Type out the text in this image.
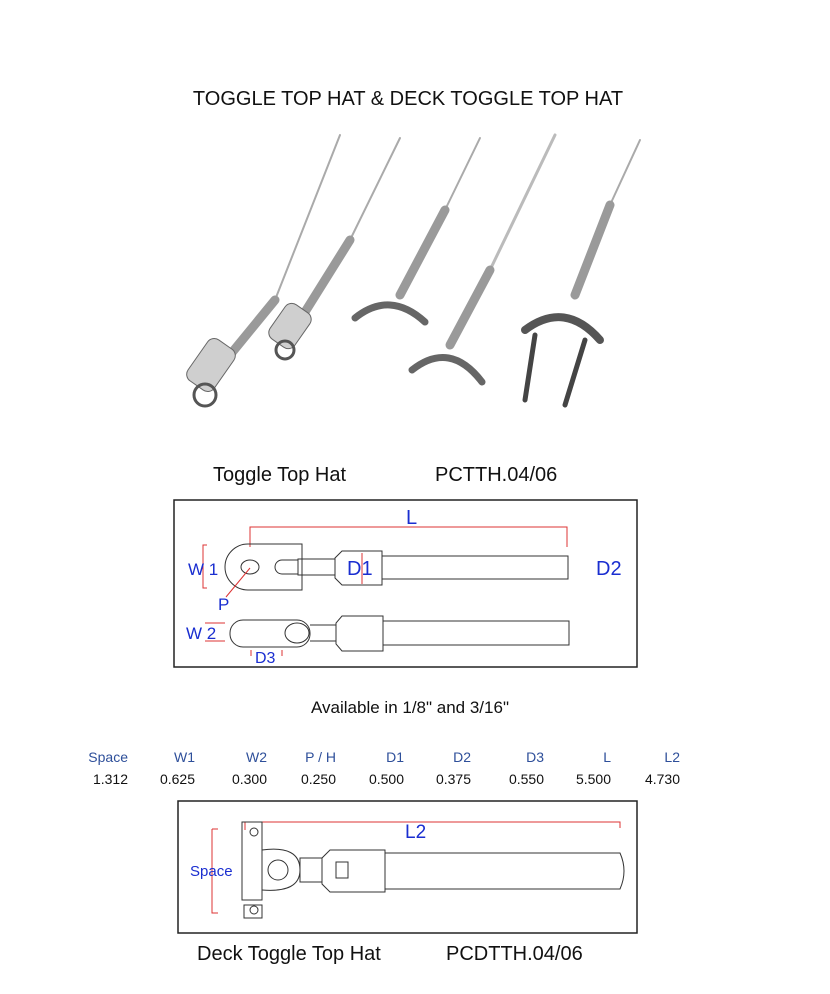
TOGGLE TOP HAT & DECK TOGGLE TOP HAT
L
W 1
P
D1	D2
W 2
D3
L2
Space
Toggle Top Hat	PCTTH.04/06
Available in 1/8" and 3/16"
Space	W1	W2	P / H	D1	D2	D3	L	L2
1.312	0.625	0.300	0.250	0.500	0.375	0.550	5.500	4.730
Deck Toggle Top Hat	PCDTTH.04/06
